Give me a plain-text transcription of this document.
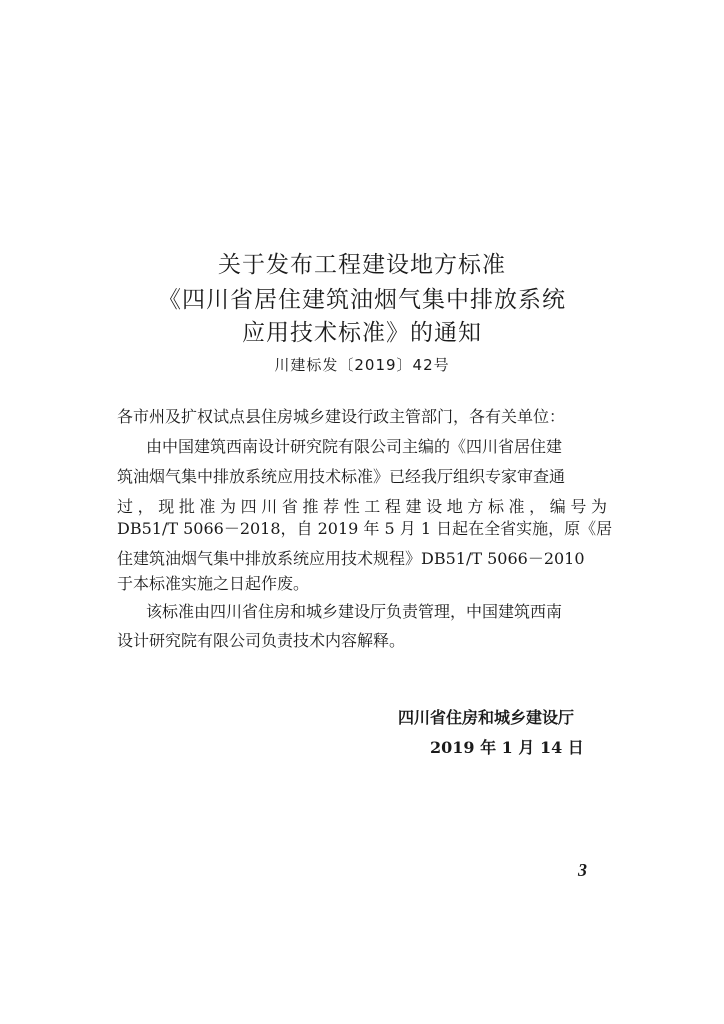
关于发布工程建设地方标准
《四川省居住建筑油烟气集中排放系统
应用技术标准》的通知
川建标发〔2019〕42号
各市州及扩权试点县住房城乡建设行政主管部门，各有关单位：
由中国建筑西南设计研究院有限公司主编的《四川省居住建
筑油烟气集中排放系统应用技术标准》已经我厅组织专家审查通
过，现批准为四川省推荐性工程建设地方标准，编号为
DB51/T 5066－2018，自 2019 年 5 月 1 日起在全省实施，原《居
住建筑油烟气集中排放系统应用技术规程》DB51/T 5066－2010
于本标准实施之日起作废。
该标准由四川省住房和城乡建设厅负责管理，中国建筑西南
设计研究院有限公司负责技术内容解释。
四川省住房和城乡建设厅
2019 年 1 月 14 日
3
